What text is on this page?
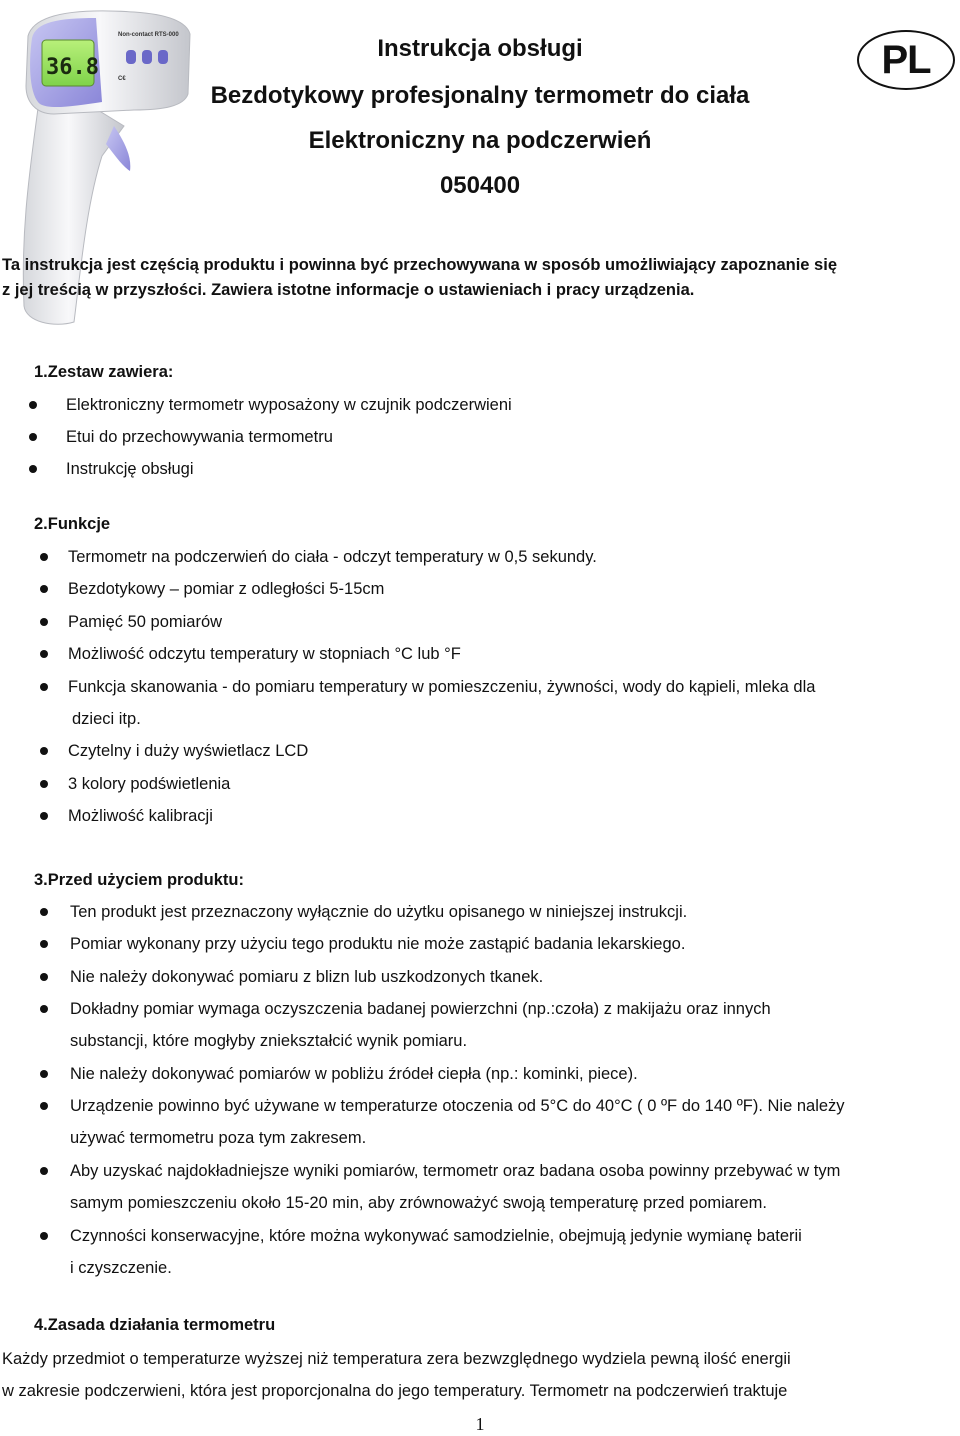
36.8
Non-contact RTS-000
C€	PL
Instrukcja obsługi
Bezdotykowy profesjonalny termometr do ciała
Elektroniczny na podczerwień
050400
Ta instrukcja jest częścią produktu i powinna być przechowywana w sposób umożliwiający zapoznanie się
z jej treścią w przyszłości. Zawiera istotne informacje o ustawieniach i pracy urządzenia.
1.Zestaw zawiera:
Elektroniczny termometr wyposażony w czujnik podczerwieni
Etui do przechowywania termometru
Instrukcję obsługi
2.Funkcje
Termometr na podczerwień do ciała - odczyt temperatury w 0,5 sekundy.
Bezdotykowy – pomiar z odległości 5-15cm
Pamięć 50 pomiarów
Możliwość odczytu temperatury w stopniach °C lub °F
Funkcja skanowania - do pomiaru temperatury w pomieszczeniu, żywności, wody do kąpieli, mleka dla
dzieci itp.
Czytelny i duży wyświetlacz LCD
3 kolory podświetlenia
Możliwość kalibracji
3.Przed użyciem produktu:
Ten produkt jest przeznaczony wyłącznie do użytku opisanego w niniejszej instrukcji.
Pomiar wykonany przy użyciu tego produktu nie może zastąpić badania lekarskiego.
Nie należy dokonywać pomiaru z blizn lub uszkodzonych tkanek.
Dokładny pomiar wymaga oczyszczenia badanej powierzchni (np.:czoła) z makijażu oraz innych
substancji, które mogłyby zniekształcić wynik pomiaru.
Nie należy dokonywać pomiarów w pobliżu źródeł ciepła (np.: kominki, piece).
Urządzenie powinno być używane w temperaturze otoczenia od 5°C do 40°C ( 0 ºF do 140 ºF). Nie należy
używać termometru poza tym zakresem.
Aby uzyskać najdokładniejsze wyniki pomiarów, termometr oraz badana osoba powinny przebywać w tym
samym pomieszczeniu około 15-20 min, aby zrównoważyć swoją temperaturę przed pomiarem.
Czynności konserwacyjne, które można wykonywać samodzielnie, obejmują jedynie wymianę baterii
i czyszczenie.
4.Zasada działania termometru
Każdy przedmiot o temperaturze wyższej niż temperatura zera bezwzględnego wydziela pewną ilość energii
w zakresie podczerwieni, która jest proporcjonalna do jego temperatury. Termometr na podczerwień traktuje
1
